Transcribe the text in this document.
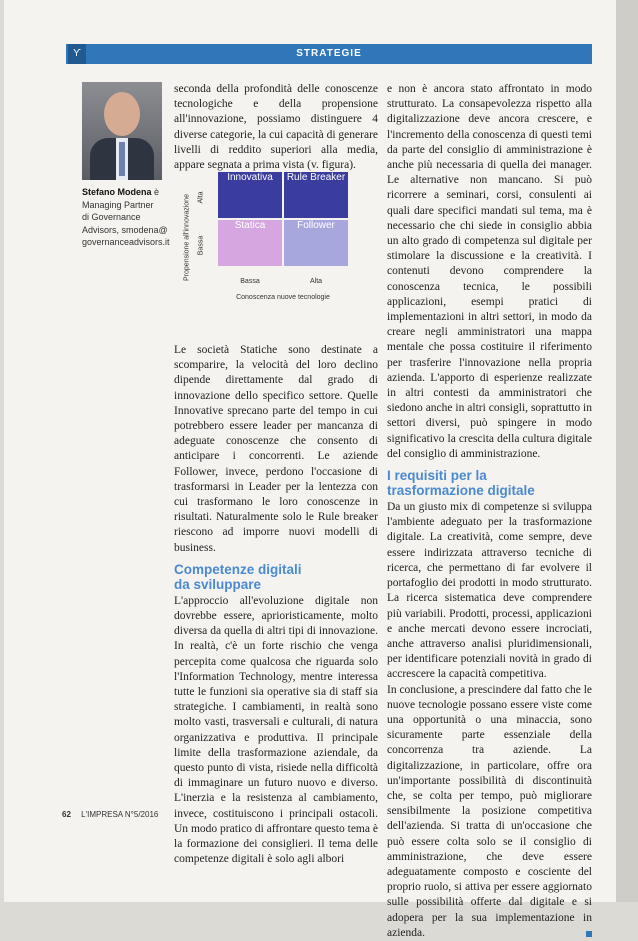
ϒ	STRATEGIE
Stefano Modena è
Managing Partner
di Governance
Advisors, smodena@
governanceadvisors.it

seconda della profondità delle conoscenze tecnologiche e della propensione all'innovazione, possiamo distinguere 4 diverse categorie, la cui capacità di generare livelli di reddito superiori alla media, appare segnata a prima vista (v. figura).

Propensione all'innovazione Alta
Bassa
Innovativa	Rule Breaker
Statica	Follower
Bassa	Alta
Conoscenza nuove tecnologie

Le società Statiche sono destinate a scomparire, la velocità del loro declino dipende direttamente dal grado di innovazione dello specifico settore. Quelle Innovative sprecano parte del tempo in cui potrebbero essere leader per mancanza di adeguate conoscenze che consento di anticipare i concorrenti. Le aziende Follower, invece, perdono l'occasione di trasformarsi in Leader per la lentezza con cui trasformano le loro conoscenze in risultati. Naturalmente solo le Rule breaker riescono ad imporre nuovi modelli di business.

Competenze digitali
da sviluppare

L'approccio all'evoluzione digitale non dovrebbe essere, aprioristicamente, molto diversa da quella di altri tipi di innovazione. In realtà, c'è un forte rischio che venga percepita come qualcosa che riguarda solo l'Information Technology, mentre interessa tutte le funzioni sia operative sia di staff sia strategiche. I cambiamenti, in realtà sono molto vasti, trasversali e culturali, di natura organizzativa e produttiva. Il principale limite della trasformazione aziendale, da questo punto di vista, risiede nella difficoltà di immaginare un futuro nuovo e diverso. L'inerzia e la resistenza al cambiamento, invece, costituiscono i principali ostacoli. Un modo pratico di affrontare questo tema è la formazione dei consiglieri. Il tema delle competenze digitali è solo agli albori

e non è ancora stato affrontato in modo strutturato. La consapevolezza rispetto alla digitalizzazione deve ancora crescere, e l'incremento della conoscenza di questi temi da parte del consiglio di amministrazione è anche più necessaria di quella dei manager. Le alternative non mancano. Si può ricorrere a seminari, corsi, consulenti ai quali dare specifici mandati sul tema, ma è necessario che chi siede in consiglio abbia un alto grado di competenza sul digitale per stimolare la discussione e la creatività. I contenuti devono comprendere la conoscenza tecnica, le possibili applicazioni, esempi pratici di implementazioni in altri settori, in modo da creare negli amministratori una mappa mentale che possa costituire il riferimento per trasferire l'innovazione nella propria azienda. L'apporto di esperienze realizzate in altri contesti da amministratori che siedono anche in altri consigli, soprattutto in settori diversi, può spingere in modo significativo la crescita della cultura digitale del consiglio di amministrazione.

I requisiti per la
trasformazione digitale

Da un giusto mix di competenze si sviluppa l'ambiente adeguato per la trasformazione digitale. La creatività, come sempre, deve essere indirizzata attraverso tecniche di ricerca, che permettano di far evolvere il portafoglio dei prodotti in modo strutturato. La ricerca sistematica deve comprendere più variabili. Prodotti, processi, applicazioni e anche mercati devono essere incrociati, anche attraverso analisi pluridimensionali, per identificare potenziali novità in grado di accrescere la capacità competitiva.

In conclusione, a prescindere dal fatto che le nuove tecnologie possano essere viste come una opportunità o una minaccia, sono sicuramente parte essenziale della concorrenza tra aziende. La digitalizzazione, in particolare, offre ora un'importante possibilità di discontinuità che, se colta per tempo, può migliorare sensibilmente la posizione competitiva dell'azienda. Si tratta di un'occasione che può essere colta solo se il consiglio di amministrazione, che deve essere adeguatamente composto e cosciente del proprio ruolo, si attiva per essere aggiornato sulle possibilità offerte dal digitale e si adopera per la sua implementazione in azienda.

62 L'IMPRESA N°5/2016
